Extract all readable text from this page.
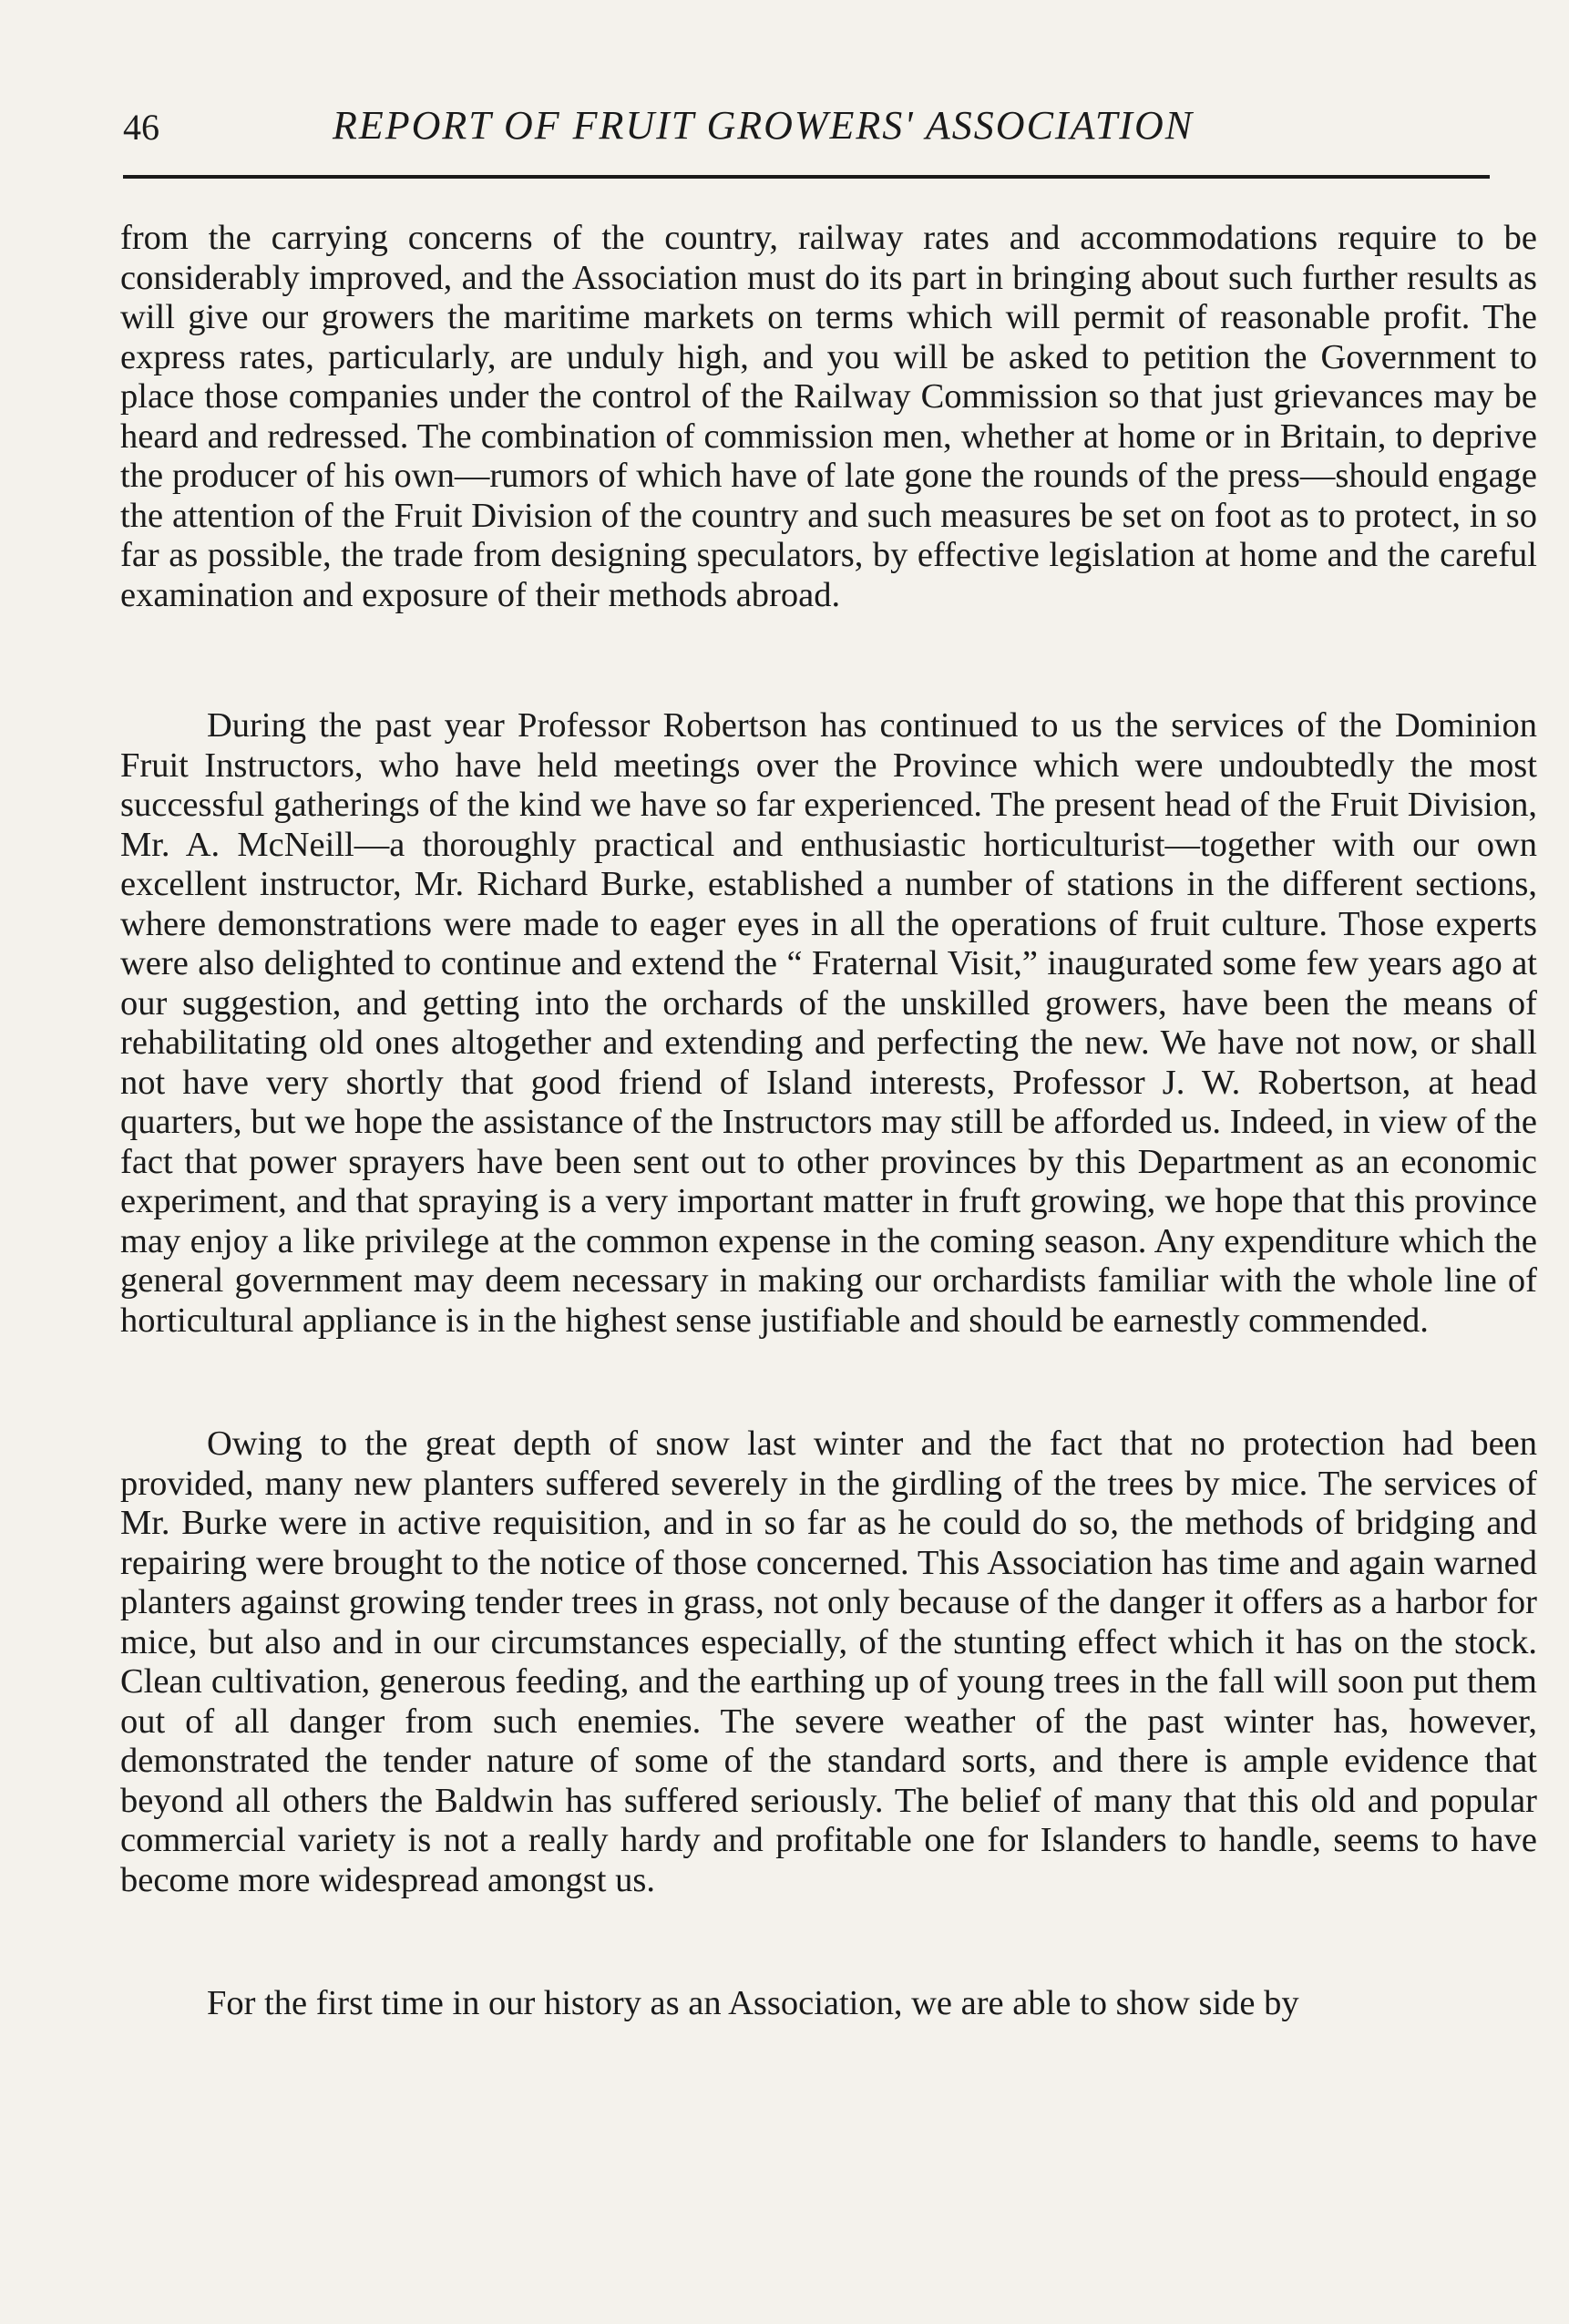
46	REPORT OF FRUIT GROWERS' ASSOCIATION

from the carrying concerns of the country, railway rates and accommodations require to be considerably improved, and the Association must do its part in bringing about such further results as will give our growers the maritime markets on terms which will permit of reasonable profit. The express rates, particularly, are unduly high, and you will be asked to petition the Government to place those companies under the control of the Railway Commission so that just grievances may be heard and redressed. The combination of commission men, whether at home or in Britain, to deprive the producer of his own—rumors of which have of late gone the rounds of the press—should engage the attention of the Fruit Division of the country and such measures be set on foot as to protect, in so far as possible, the trade from designing speculators, by effective legislation at home and the careful examination and exposure of their methods abroad.

During the past year Professor Robertson has continued to us the services of the Dominion Fruit Instructors, who have held meetings over the Province which were undoubtedly the most successful gatherings of the kind we have so far experienced. The present head of the Fruit Division, Mr. A. McNeill—a thoroughly practical and enthusiastic horticulturist—together with our own excellent instructor, Mr. Richard Burke, established a number of stations in the different sections, where demonstrations were made to eager eyes in all the operations of fruit culture. Those experts were also delighted to continue and extend the “ Fraternal Visit,” inaugurated some few years ago at our suggestion, and getting into the orchards of the unskilled growers, have been the means of rehabilitating old ones altogether and extending and perfecting the new. We have not now, or shall not have very shortly that good friend of Island interests, Professor J. W. Robertson, at head quarters, but we hope the assistance of the Instructors may still be afforded us. Indeed, in view of the fact that power sprayers have been sent out to other provinces by this Department as an economic experiment, and that spraying is a very important matter in fruft growing, we hope that this province may enjoy a like privilege at the common expense in the coming season. Any expenditure which the general government may deem necessary in making our orchardists familiar with the whole line of horticultural appliance is in the highest sense justifiable and should be earnestly commended.

Owing to the great depth of snow last winter and the fact that no protection had been provided, many new planters suffered severely in the girdling of the trees by mice. The services of Mr. Burke were in active requisition, and in so far as he could do so, the methods of bridging and repairing were brought to the notice of those concerned. This Association has time and again warned planters against growing tender trees in grass, not only because of the danger it offers as a harbor for mice, but also and in our circumstances especially, of the stunting effect which it has on the stock. Clean cultivation, generous feeding, and the earthing up of young trees in the fall will soon put them out of all danger from such enemies. The severe weather of the past winter has, however, demonstrated the tender nature of some of the standard sorts, and there is ample evidence that beyond all others the Baldwin has suffered seriously. The belief of many that this old and popular commercial variety is not a really hardy and profitable one for Islanders to handle, seems to have become more widespread amongst us.

For the first time in our history as an Association, we are able to show side by
